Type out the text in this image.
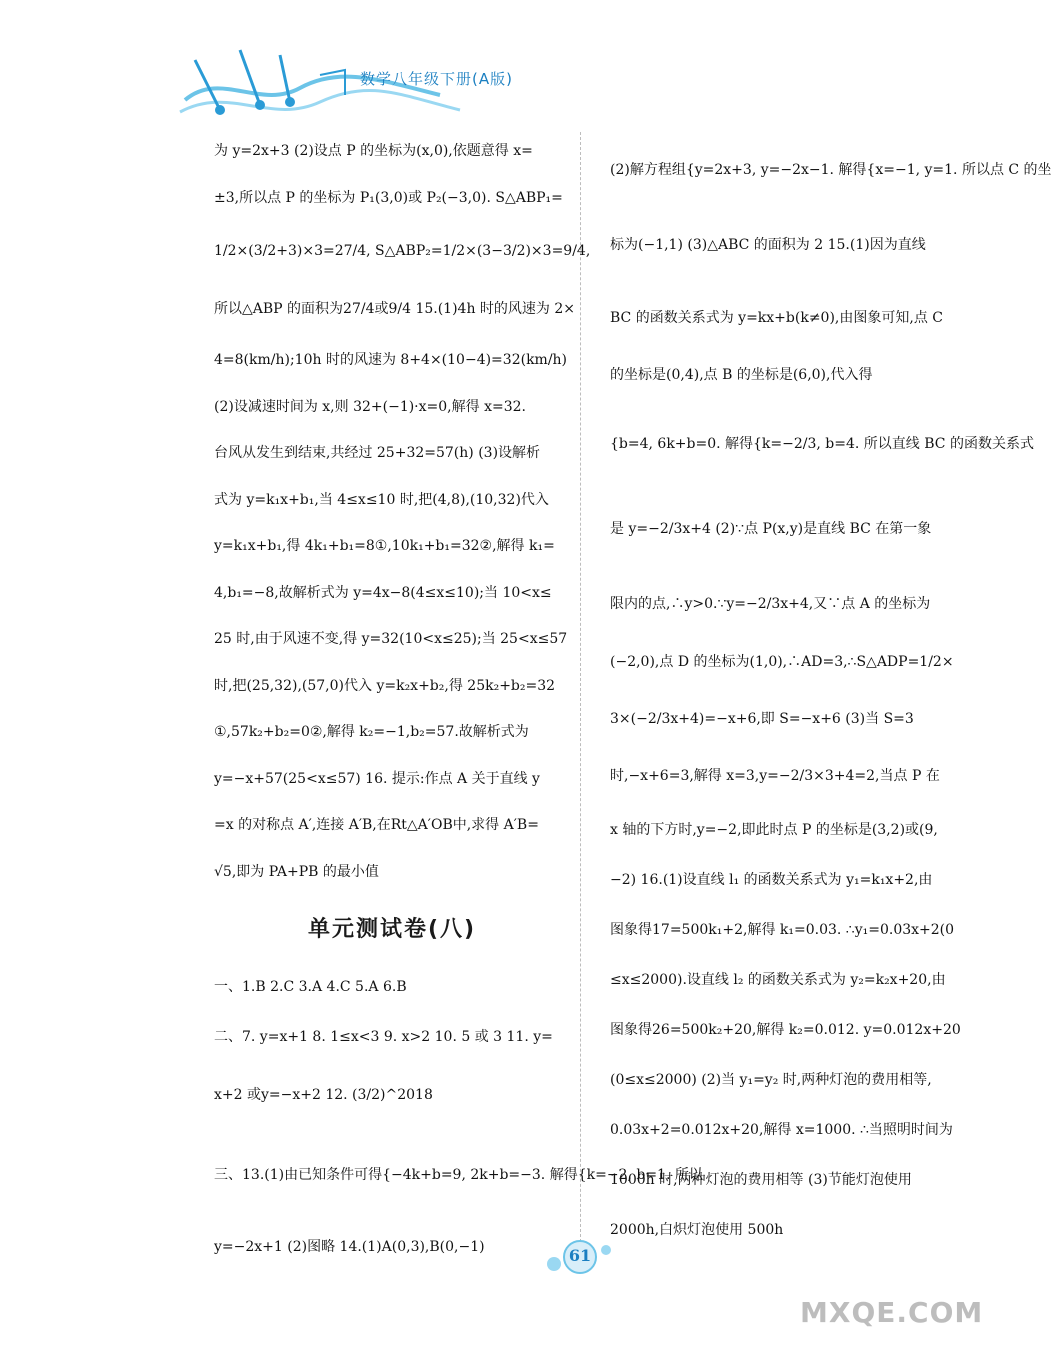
数学八年级下册(A版)

为 y=2x+3 (2)设点 P 的坐标为(x,0),依题意得 x=

±3,所以点 P 的坐标为 P₁(3,0)或 P₂(−3,0). S△ABP₁=

1/2×(3/2+3)×3=27/4, S△ABP₂=1/2×(3−3/2)×3=9/4,

所以△ABP 的面积为27/4或9/4 15.(1)4h 时的风速为 2×

4=8(km/h);10h 时的风速为 8+4×(10−4)=32(km/h)

(2)设减速时间为 x,则 32+(−1)·x=0,解得 x=32.

台风从发生到结束,共经过 25+32=57(h) (3)设解析

式为 y=k₁x+b₁,当 4≤x≤10 时,把(4,8),(10,32)代入

y=k₁x+b₁,得 4k₁+b₁=8①,10k₁+b₁=32②,解得 k₁=

4,b₁=−8,故解析式为 y=4x−8(4≤x≤10);当 10<x≤

25 时,由于风速不变,得 y=32(10<x≤25);当 25<x≤57

时,把(25,32),(57,0)代入 y=k₂x+b₂,得 25k₂+b₂=32

①,57k₂+b₂=0②,解得 k₂=−1,b₂=57.故解析式为

y=−x+57(25<x≤57) 16. 提示:作点 A 关于直线 y

=x 的对称点 A′,连接 A′B,在Rt△A′OB中,求得 A′B=

√5,即为 PA+PB 的最小值

单元测试卷(八)

一、1.B 2.C 3.A 4.C 5.A 6.B

二、7. y=x+1 8. 1≤x<3 9. x>2 10. 5 或 3 11. y=

x+2 或y=−x+2 12. (3/2)^2018

三、13.(1)由已知条件可得{−4k+b=9, 2k+b=−3. 解得{k=−2, b=1. 所以

y=−2x+1 (2)图略 14.(1)A(0,3),B(0,−1)

(2)解方程组{y=2x+3, y=−2x−1. 解得{x=−1, y=1. 所以点 C 的坐

标为(−1,1) (3)△ABC 的面积为 2 15.(1)因为直线

BC 的函数关系式为 y=kx+b(k≠0),由图象可知,点 C

的坐标是(0,4),点 B 的坐标是(6,0),代入得

{b=4, 6k+b=0. 解得{k=−2/3, b=4. 所以直线 BC 的函数关系式

是 y=−2/3x+4 (2)∵点 P(x,y)是直线 BC 在第一象

限内的点,∴y>0.∵y=−2/3x+4,又∵点 A 的坐标为

(−2,0),点 D 的坐标为(1,0),∴AD=3,∴S△ADP=1/2×

3×(−2/3x+4)=−x+6,即 S=−x+6 (3)当 S=3

时,−x+6=3,解得 x=3,y=−2/3×3+4=2,当点 P 在

x 轴的下方时,y=−2,即此时点 P 的坐标是(3,2)或(9,

−2) 16.(1)设直线 l₁ 的函数关系式为 y₁=k₁x+2,由

图象得17=500k₁+2,解得 k₁=0.03. ∴y₁=0.03x+2(0

≤x≤2000).设直线 l₂ 的函数关系式为 y₂=k₂x+20,由

图象得26=500k₂+20,解得 k₂=0.012. y=0.012x+20

(0≤x≤2000) (2)当 y₁=y₂ 时,两种灯泡的费用相等,

0.03x+2=0.012x+20,解得 x=1000. ∴当照明时间为

1000h 时,两种灯泡的费用相等 (3)节能灯泡使用

2000h,白炽灯泡使用 500h

61
MXQE.COM
